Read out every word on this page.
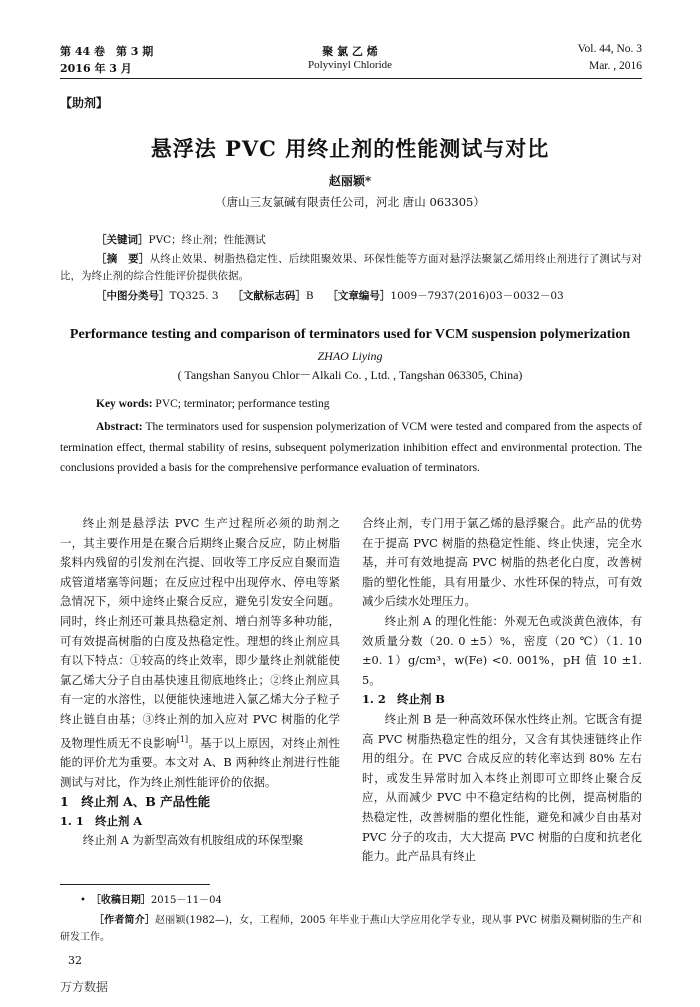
第 44 卷　第 3 期
2016 年 3 月
聚 氯 乙 烯
Polyvinyl Chloride
Vol. 44, No. 3
Mar. , 2016
【助剂】
悬浮法 PVC 用终止剂的性能测试与对比
赵丽颖*
（唐山三友氯碱有限责任公司，河北 唐山 063305）
［关键词］PVC；终止剂；性能测试
［摘　要］从终止效果、树脂热稳定性、后续阻聚效果、环保性能等方面对悬浮法聚氯乙烯用终止剂进行了测试与对比，为终止剂的综合性能评价提供依据。
［中图分类号］TQ325. 3　 ［文献标志码］B　 ［文章编号］1009－7937(2016)03－0032－03
Performance testing and comparison of terminators used for VCM suspension polymerization
ZHAO Liying
( Tangshan Sanyou Chlor－Alkali Co. , Ltd. , Tangshan 063305, China)
Key words: PVC; terminator; performance testing
Abstract: The terminators used for suspension polymerization of VCM were tested and compared from the aspects of termination effect, thermal stability of resins, subsequent polymerization inhibition effect and environmental protection. The conclusions provided a basis for the comprehensive performance evaluation of terminators.

终止剂是悬浮法 PVC 生产过程所必须的助剂之一，其主要作用是在聚合后期终止聚合反应，防止树脂浆料内残留的引发剂在汽提、回收等工序反应自聚而造成管道堵塞等问题；在反应过程中出现停水、停电等紧急情况下，须中途终止聚合反应，避免引发安全问题。同时，终止剂还可兼具热稳定剂、增白剂等多种功能，可有效提高树脂的白度及热稳定性。理想的终止剂应具有以下特点：①较高的终止效率，即少量终止剂就能使氯乙烯大分子自由基快速且彻底地终止；②终止剂应具有一定的水溶性，以便能快速地进入氯乙烯大分子粒子终止链自由基；③终止剂的加入应对 PVC 树脂的化学及物理性质无不良影响[1]。基于以上原因，对终止剂性能的评价尤为重要。本文对 A、B 两种终止剂进行性能测试与对比，作为终止剂性能评价的依据。

1　终止剂 A、B 产品性能

1. 1　终止剂 A

终止剂 A 为新型高效有机胺组成的环保型聚

合终止剂，专门用于氯乙烯的悬浮聚合。此产品的优势在于提高 PVC 树脂的热稳定性能、终止快速，完全水基，并可有效地提高 PVC 树脂的热老化白度，改善树脂的塑化性能，具有用量少、水性环保的特点，可有效减少后续水处理压力。

终止剂 A 的理化性能：外观无色或淡黄色液体，有效质量分数（20. 0 ±5）%，密度（20 ℃）（1. 10 ±0. 1）g/cm³，w(Fe) <0. 001%，pH 值 10 ±1. 5。

1. 2　终止剂 B

终止剂 B 是一种高效环保水性终止剂。它既含有提高 PVC 树脂热稳定性的组分，又含有其快速链终止作用的组分。在 PVC 合成反应的转化率达到 80% 左右时，或发生异常时加入本终止剂即可立即终止聚合反应，从而减少 PVC 中不稳定结构的比例，提高树脂的热稳定性，改善树脂的塑化性能，避免和减少自由基对 PVC 分子的攻击，大大提高 PVC 树脂的白度和抗老化能力。此产品具有终止

•　［收稿日期］2015－11－04
［作者简介］赵丽颖(1982—)，女，工程师，2005 年毕业于燕山大学应用化学专业，现从事 PVC 树脂及糊树脂的生产和研发工作。
32
万方数据
